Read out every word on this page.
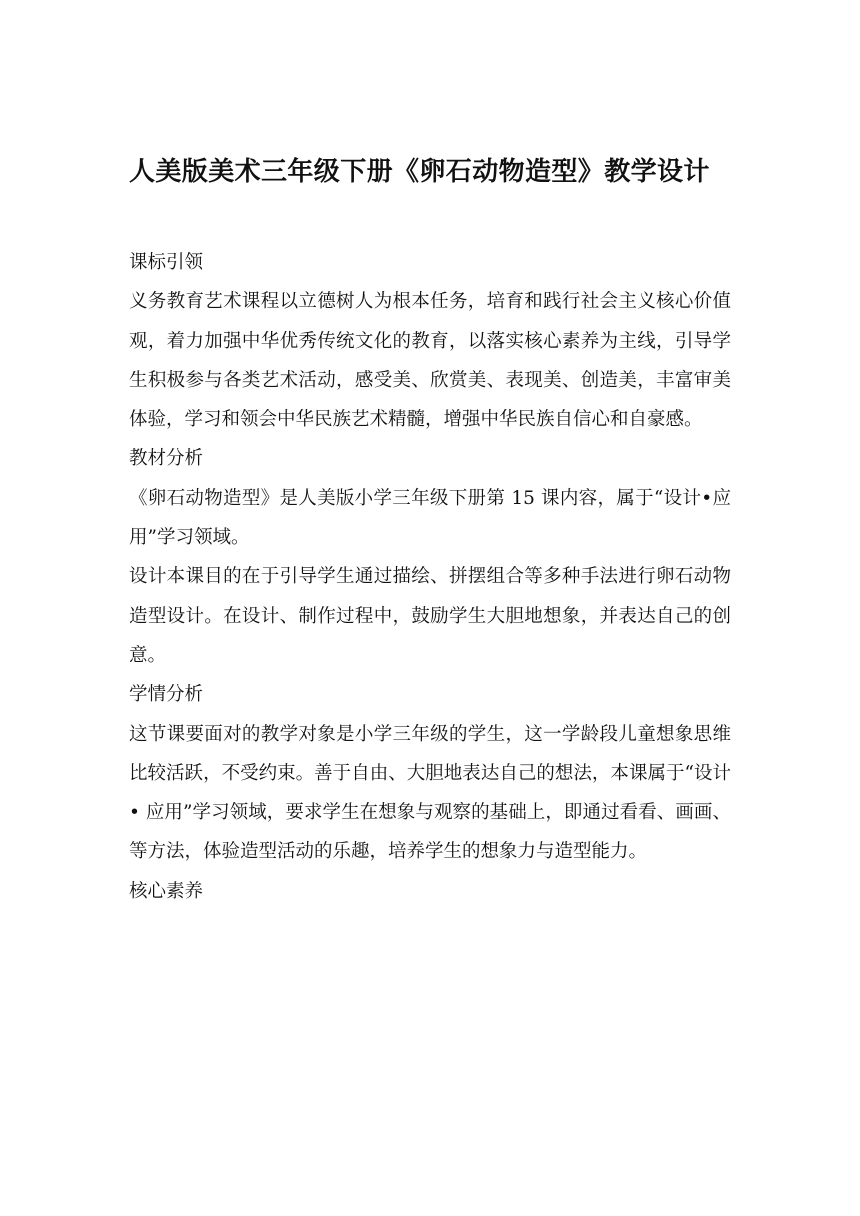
人美版美术三年级下册《卵石动物造型》教学设计

课标引领

义务教育艺术课程以立德树人为根本任务，培育和践行社会主义核心价值观，着力加强中华优秀传统文化的教育，以落实核心素养为主线，引导学生积极参与各类艺术活动，感受美、欣赏美、表现美、创造美，丰富审美体验，学习和领会中华民族艺术精髓，增强中华民族自信心和自豪感。

教材分析

《卵石动物造型》是人美版小学三年级下册第 15 课内容，属于“设计•应用”学习领域。

设计本课目的在于引导学生通过描绘、拼摆组合等多种手法进行卵石动物造型设计。在设计、制作过程中，鼓励学生大胆地想象，并表达自己的创意。

学情分析

这节课要面对的教学对象是小学三年级的学生，这一学龄段儿童想象思维比较活跃，不受约束。善于自由、大胆地表达自己的想法，本课属于“设计 • 应用”学习领域，要求学生在想象与观察的基础上，即通过看看、画画、等方法，体验造型活动的乐趣，培养学生的想象力与造型能力。

核心素养
